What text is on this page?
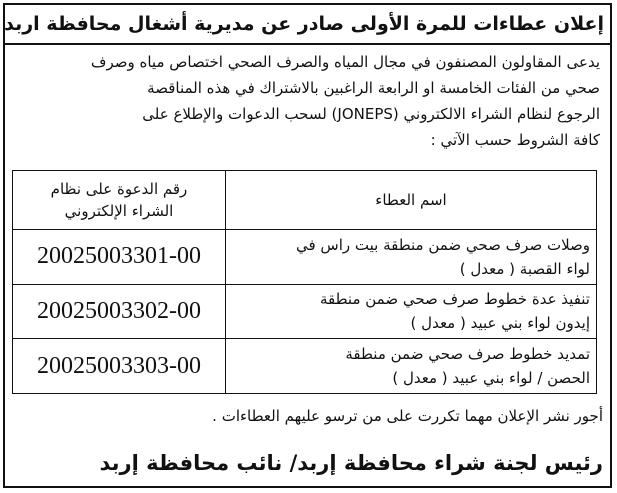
إعلان عطاءات للمرة الأولى صادر عن مديرية أشغال محافظة اربد
يدعى المقاولون المصنفون في مجال المياه والصرف الصحي اختصاص مياه وصرف
صحي من الفئات الخامسة او الرابعة الراغبين بالاشتراك في هذه المناقصة
الرجوع لنظام الشراء الالكتروني (JONEPS) لسحب الدعوات والإطلاع على
كافة الشروط حسب الآتي :
اسم العطاء	رقم الدعوة على نظام
الشراء الإلكتروني

وصلات صرف صحي ضمن منطقة بيت راس في
لواء القصبة ( معدل )	20025003301-00

تنفيذ عدة خطوط صرف صحي ضمن منطقة
إيدون لواء بني عبيد ( معدل )	20025003302-00

تمديد خطوط صرف صحي ضمن منطقة
الحصن / لواء بني عبيد ( معدل )	20025003303-00
أجور نشر الإعلان مهما تكررت على من ترسو عليهم العطاءات .
رئيس لجنة شراء محافظة إربد/ نائب محافظة إربد
